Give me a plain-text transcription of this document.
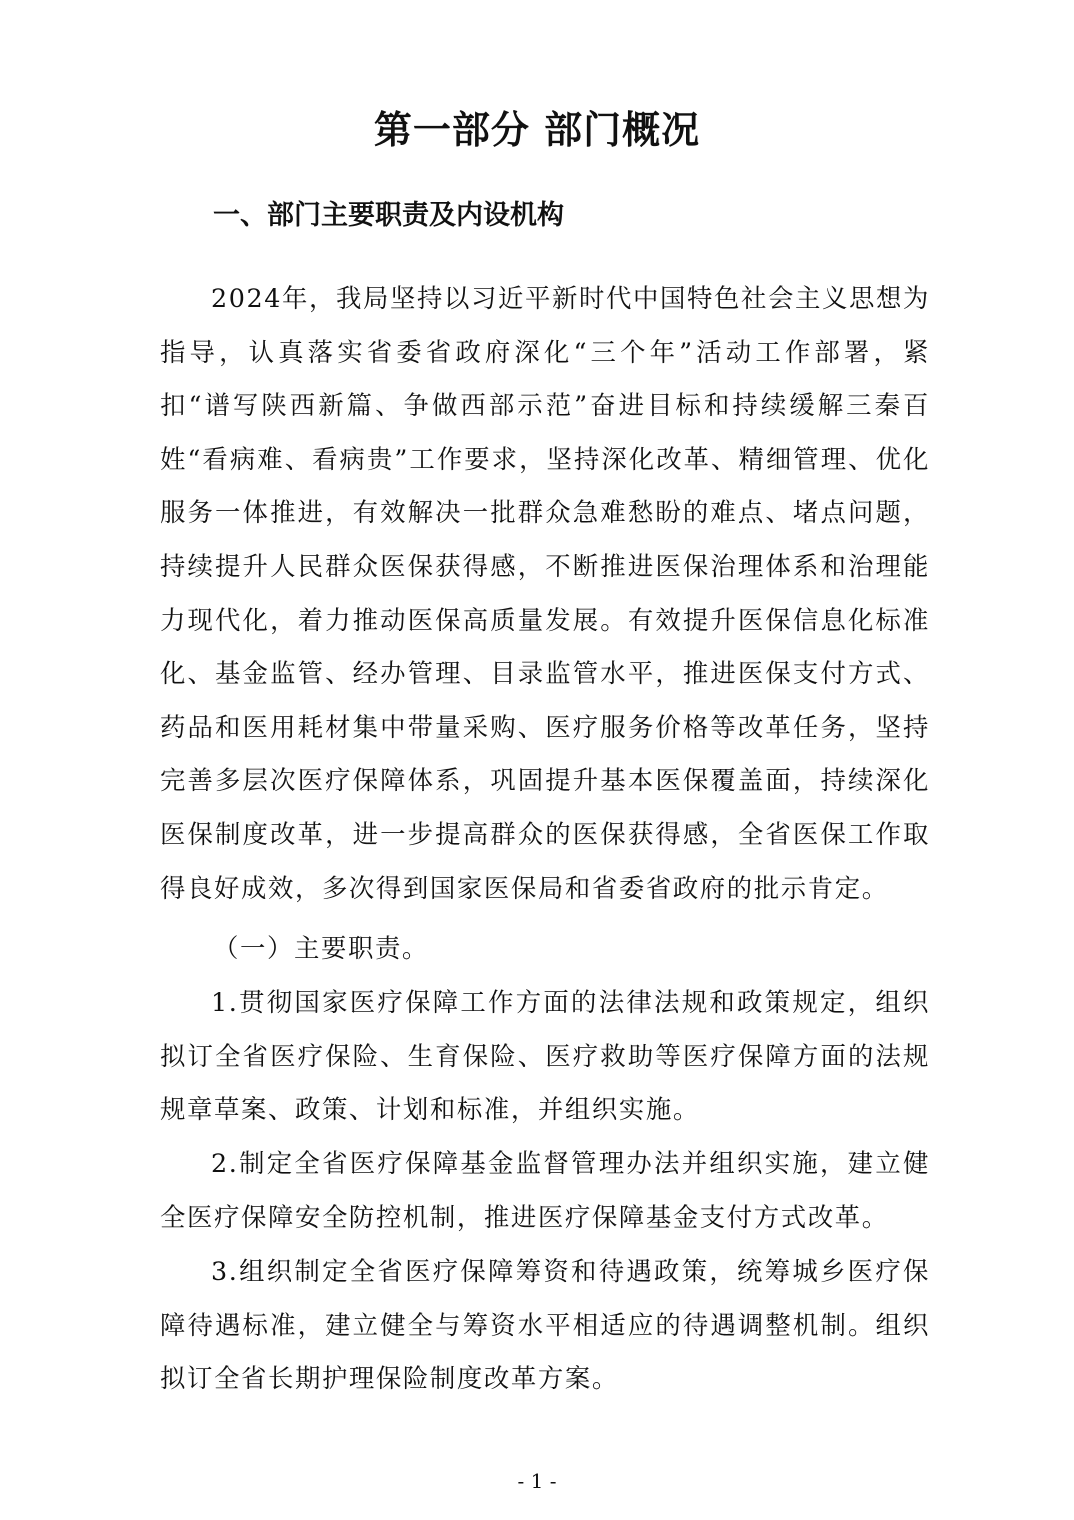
第一部分 部门概况
一、部门主要职责及内设机构

2024年，我局坚持以习近平新时代中国特色社会主义思想为指导，认真落实省委省政府深化“三个年”活动工作部署，紧扣“谱写陕西新篇、争做西部示范”奋进目标和持续缓解三秦百姓“看病难、看病贵”工作要求，坚持深化改革、精细管理、优化服务一体推进，有效解决一批群众急难愁盼的难点、堵点问题，持续提升人民群众医保获得感，不断推进医保治理体系和治理能力现代化，着力推动医保高质量发展。有效提升医保信息化标准化、基金监管、经办管理、目录监管水平，推进医保支付方式、药品和医用耗材集中带量采购、医疗服务价格等改革任务，坚持完善多层次医疗保障体系，巩固提升基本医保覆盖面，持续深化医保制度改革，进一步提高群众的医保获得感，全省医保工作取得良好成效，多次得到国家医保局和省委省政府的批示肯定。

（一）主要职责。

1.贯彻国家医疗保障工作方面的法律法规和政策规定，组织拟订全省医疗保险、生育保险、医疗救助等医疗保障方面的法规规章草案、政策、计划和标准，并组织实施。

2.制定全省医疗保障基金监督管理办法并组织实施，建立健全医疗保障安全防控机制，推进医疗保障基金支付方式改革。

3.组织制定全省医疗保障筹资和待遇政策，统筹城乡医疗保障待遇标准，建立健全与筹资水平相适应的待遇调整机制。组织拟订全省长期护理保险制度改革方案。

- 1 -
